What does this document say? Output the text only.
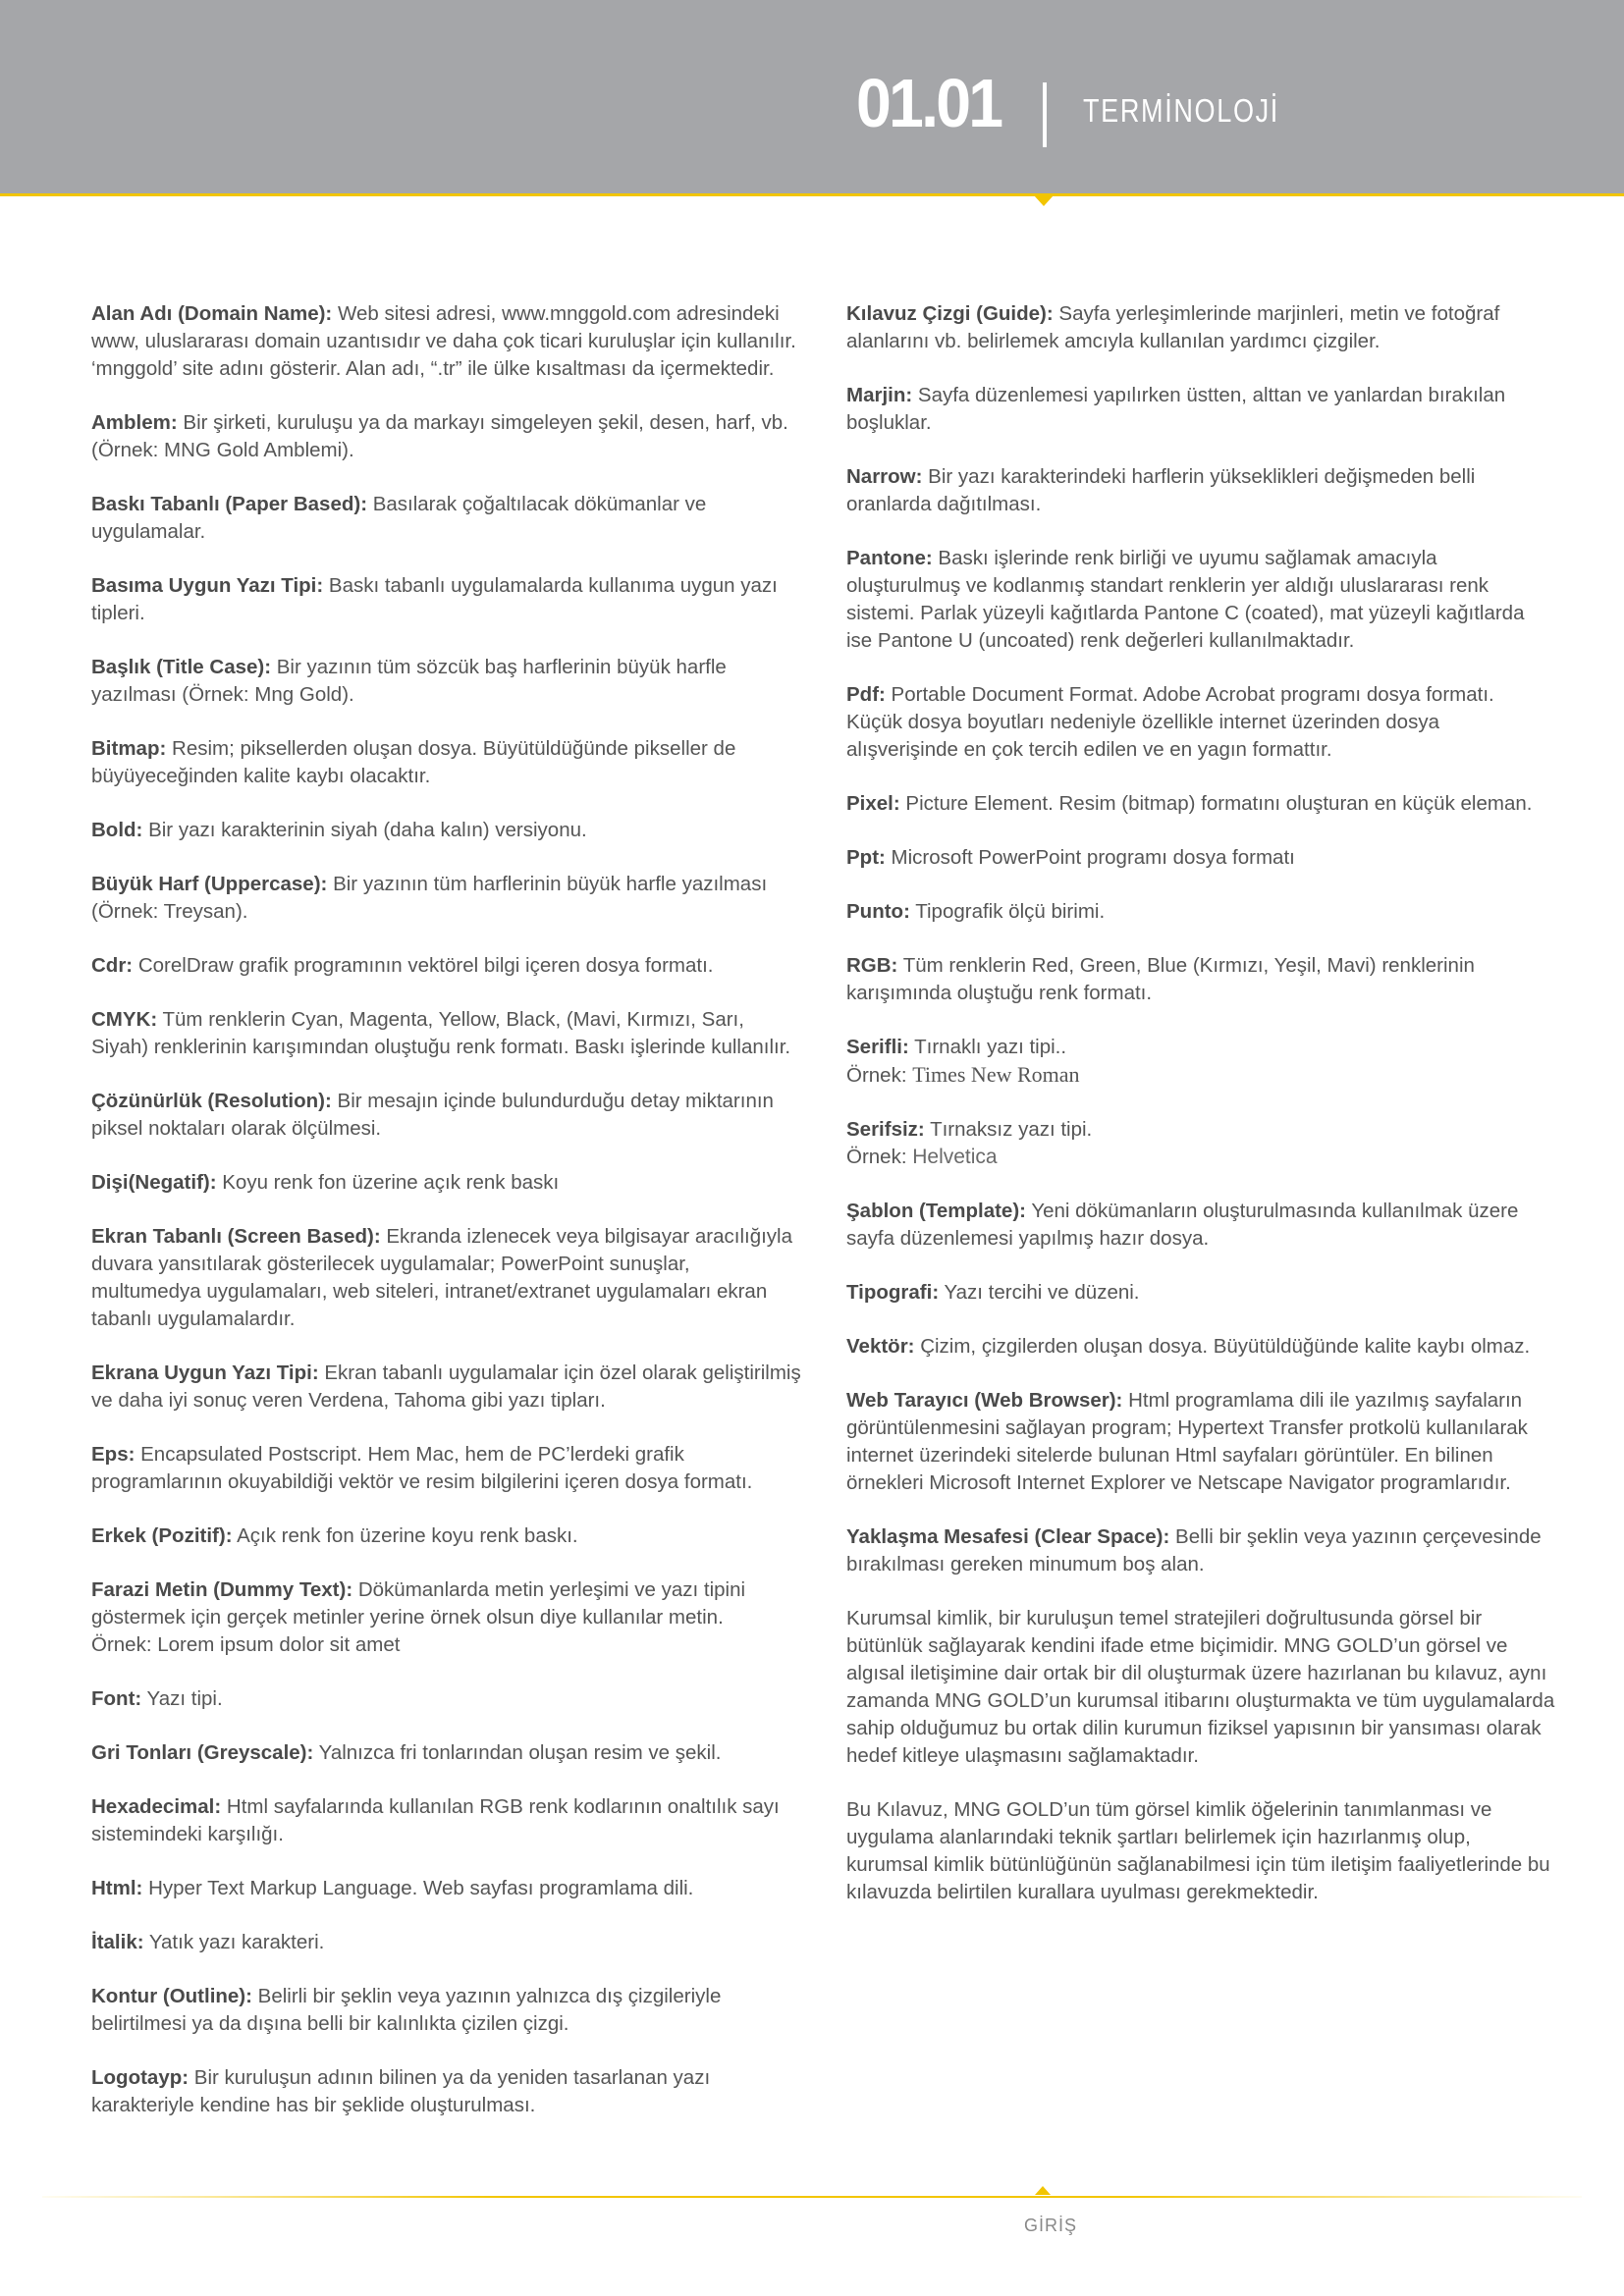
01.01	TERMİNOLOJİ
Alan Adı (Domain Name): Web sitesi adresi, www.mnggold.com adresindeki www, uluslararası domain uzantısıdır ve daha çok ticari kuruluşlar için kullanılır. ‘mnggold’ site adını gösterir. Alan adı, “.tr” ile ülke kısaltması da içermektedir.
Amblem: Bir şirketi, kuruluşu ya da markayı simgeleyen şekil, desen, harf, vb. (Örnek: MNG Gold Amblemi).
Baskı Tabanlı (Paper Based): Basılarak çoğaltılacak dökümanlar ve uygulamalar.
Basıma Uygun Yazı Tipi: Baskı tabanlı uygulamalarda kullanıma uygun yazı tipleri.
Başlık (Title Case): Bir yazının tüm sözcük baş harflerinin büyük harfle yazılması (Örnek: Mng Gold).
Bitmap: Resim; piksellerden oluşan dosya. Büyütüldüğünde pikseller de büyüyeceğinden kalite kaybı olacaktır.
Bold: Bir yazı karakterinin siyah (daha kalın) versiyonu.
Büyük Harf (Uppercase): Bir yazının tüm harflerinin büyük harfle yazılması (Örnek: Treysan).
Cdr: CorelDraw grafik programının vektörel bilgi içeren dosya formatı.
CMYK: Tüm renklerin Cyan, Magenta, Yellow, Black, (Mavi, Kırmızı, Sarı, Siyah) renklerinin karışımından oluştuğu renk formatı. Baskı işlerinde kullanılır.
Çözünürlük (Resolution): Bir mesajın içinde bulundurduğu detay miktarının piksel noktaları olarak ölçülmesi.
Dişi(Negatif): Koyu renk fon üzerine açık renk baskı
Ekran Tabanlı (Screen Based): Ekranda izlenecek veya bilgisayar aracılığıyla duvara yansıtılarak gösterilecek uygulamalar; PowerPoint sunuşlar, multumedya uygulamaları, web siteleri, intranet/extranet uygulamaları ekran tabanlı uygulamalardır.
Ekrana Uygun Yazı Tipi: Ekran tabanlı uygulamalar için özel olarak geliştirilmiş ve daha iyi sonuç veren Verdena, Tahoma gibi yazı tipları.
Eps: Encapsulated Postscript. Hem Mac, hem de PC’lerdeki grafik programlarının okuyabildiği vektör ve resim bilgilerini içeren dosya formatı.
Erkek (Pozitif): Açık renk fon üzerine koyu renk baskı.
Farazi Metin (Dummy Text): Dökümanlarda metin yerleşimi ve yazı tipini göstermek için gerçek metinler yerine örnek olsun diye kullanılar metin.
Örnek: Lorem ipsum dolor sit amet
Font: Yazı tipi.
Gri Tonları (Greyscale): Yalnızca fri tonlarından oluşan resim ve şekil.
Hexadecimal: Html sayfalarında kullanılan RGB renk kodlarının onaltılık sayı sistemindeki karşılığı.
Html: Hyper Text Markup Language. Web sayfası programlama dili.
İtalik: Yatık yazı karakteri.
Kontur (Outline): Belirli bir şeklin veya yazının yalnızca dış çizgileriyle belirtilmesi ya da dışına belli bir kalınlıkta çizilen çizgi.
Logotayp: Bir kuruluşun adının bilinen ya da yeniden tasarlanan yazı karakteriyle kendine has bir şeklide oluşturulması.
Kılavuz Çizgi (Guide): Sayfa yerleşimlerinde marjinleri, metin ve fotoğraf alanlarını vb. belirlemek amcıyla kullanılan yardımcı çizgiler.
Marjin: Sayfa düzenlemesi yapılırken üstten, alttan ve yanlardan bırakılan boşluklar.
Narrow: Bir yazı karakterindeki harflerin yükseklikleri değişmeden belli oranlarda dağıtılması.
Pantone: Baskı işlerinde renk birliği ve uyumu sağlamak amacıyla oluşturulmuş ve kodlanmış standart renklerin yer aldığı uluslararası renk sistemi. Parlak yüzeyli kağıtlarda Pantone C (coated), mat yüzeyli kağıtlarda ise Pantone U (uncoated) renk değerleri kullanılmaktadır.
Pdf: Portable Document Format. Adobe Acrobat programı dosya formatı. Küçük dosya boyutları nedeniyle özellikle internet üzerinden dosya alışverişinde en çok tercih edilen ve en yagın formattır.
Pixel: Picture Element. Resim (bitmap) formatını oluşturan en küçük eleman.
Ppt: Microsoft PowerPoint programı dosya formatı
Punto: Tipografik ölçü birimi.
RGB: Tüm renklerin Red, Green, Blue (Kırmızı, Yeşil, Mavi) renklerinin karışımında oluştuğu renk formatı.
Serifli: Tırnaklı yazı tipi..
Örnek: Times New Roman
Serifsiz: Tırnaksız yazı tipi.
Örnek: Helvetica
Şablon (Template): Yeni dökümanların oluşturulmasında kullanılmak üzere sayfa düzenlemesi yapılmış hazır dosya.
Tipografi: Yazı tercihi ve düzeni.
Vektör: Çizim, çizgilerden oluşan dosya. Büyütüldüğünde kalite kaybı olmaz.
Web Tarayıcı (Web Browser): Html programlama dili ile yazılmış sayfaların görüntülenmesini sağlayan program; Hypertext Transfer protkolü kullanılarak internet üzerindeki sitelerde bulunan Html sayfaları görüntüler. En bilinen örnekleri Microsoft Internet Explorer ve Netscape Navigator programlarıdır.
Yaklaşma Mesafesi (Clear Space): Belli bir şeklin veya yazının çerçevesinde bırakılması gereken minumum boş alan.
Kurumsal kimlik, bir kuruluşun temel stratejileri doğrultusunda görsel bir bütünlük sağlayarak kendini ifade etme biçimidir. MNG GOLD’un görsel ve algısal iletişimine dair ortak bir dil oluşturmak üzere hazırlanan bu kılavuz, aynı zamanda MNG GOLD’un kurumsal itibarını oluşturmakta ve tüm uygulamalarda sahip olduğumuz bu ortak dilin kurumun fiziksel yapısının bir yansıması olarak hedef kitleye ulaşmasını sağlamaktadır.
Bu Kılavuz, MNG GOLD’un tüm görsel kimlik öğelerinin tanımlanması ve uygulama alanlarındaki teknik şartları belirlemek için hazırlanmış olup, kurumsal kimlik bütünlüğünün sağlanabilmesi için tüm iletişim faaliyetlerinde bu kılavuzda belirtilen kurallara uyulması gerekmektedir.
GİRİŞ
